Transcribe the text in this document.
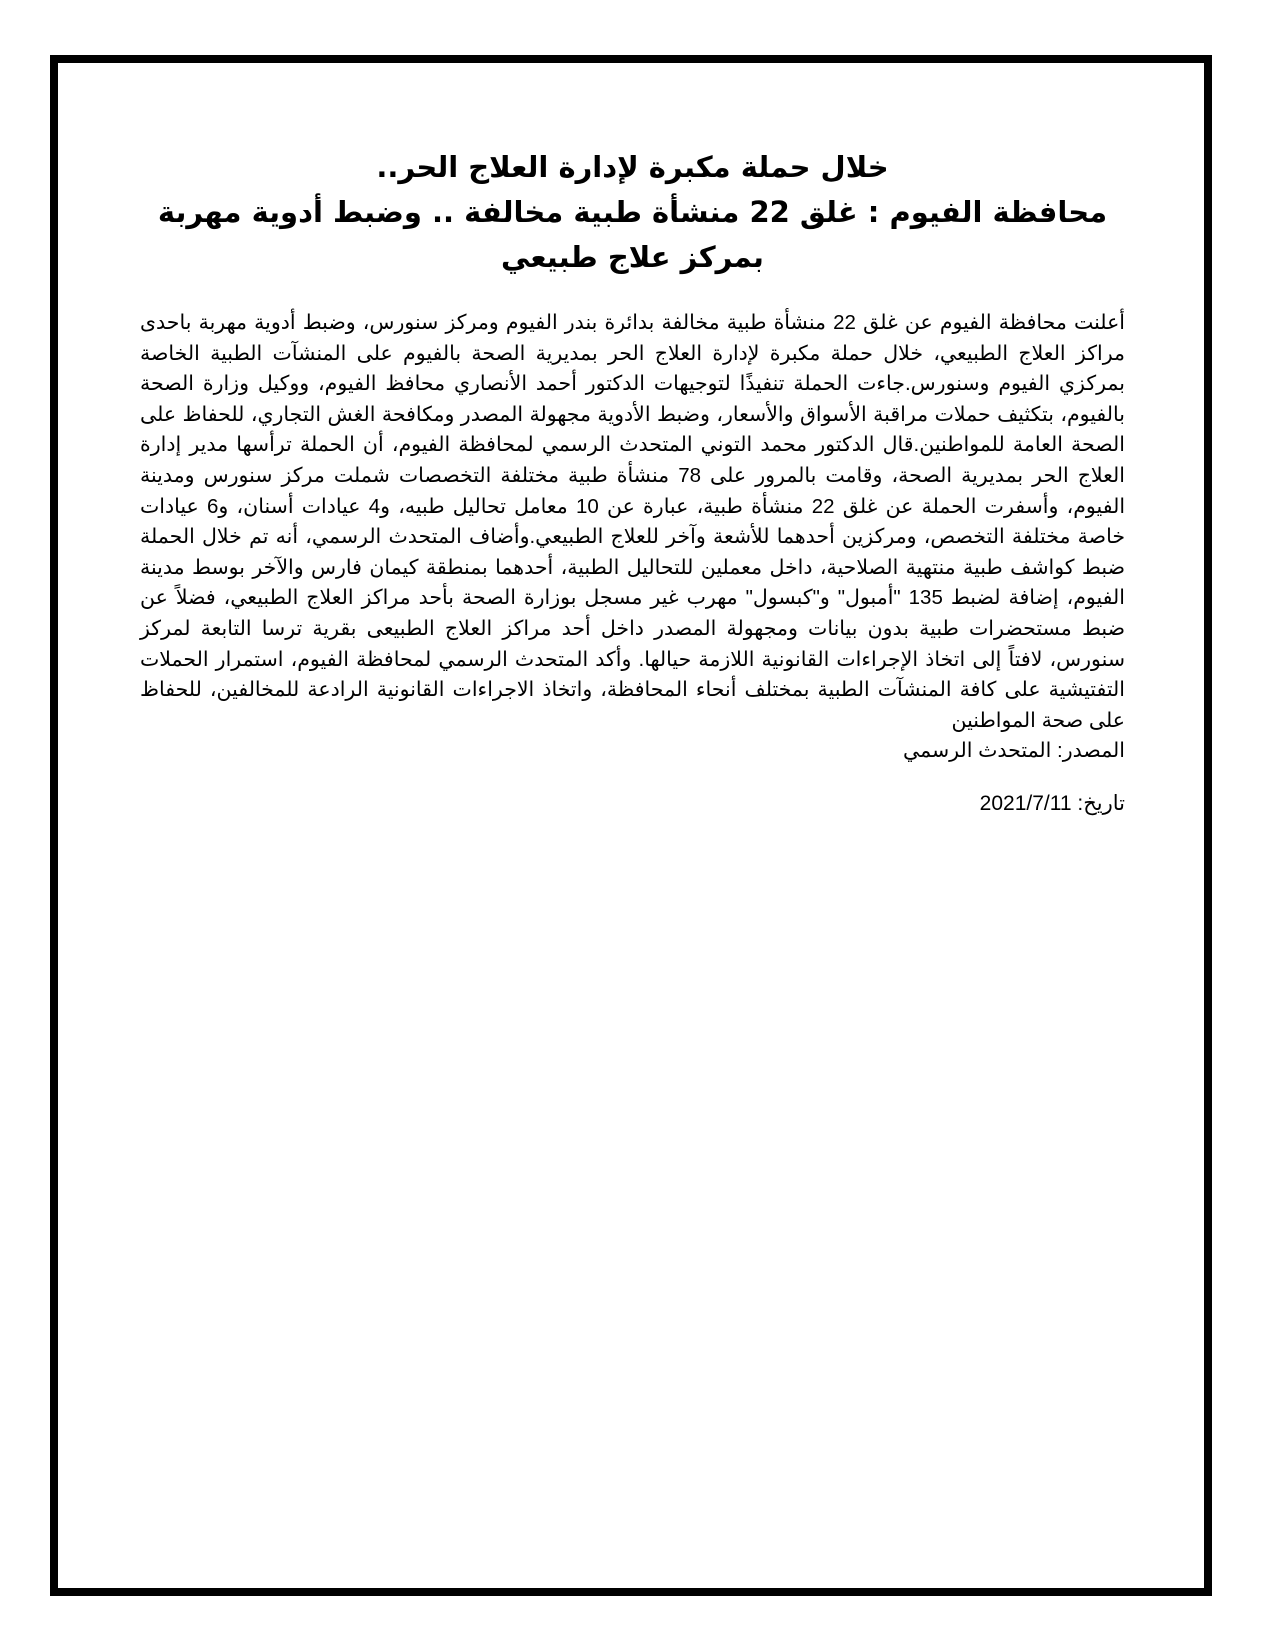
خلال حملة مكبرة لإدارة العلاج الحر..
محافظة الفيوم : غلق 22 منشأة طبية مخالفة .. وضبط أدوية مهربة بمركز علاج طبيعي

أعلنت محافظة الفيوم عن غلق 22 منشأة طبية مخالفة بدائرة بندر الفيوم ومركز سنورس، وضبط أدوية مهربة باحدى مراكز العلاج الطبيعي، خلال حملة مكبرة لإدارة العلاج الحر بمديرية الصحة بالفيوم على المنشآت الطبية الخاصة بمركزي الفيوم وسنورس.جاءت الحملة تنفيذًا لتوجيهات الدكتور أحمد الأنصاري محافظ الفيوم، ووكيل وزارة الصحة بالفيوم، بتكثيف حملات مراقبة الأسواق والأسعار، وضبط الأدوية مجهولة المصدر ومكافحة الغش التجاري، للحفاظ على الصحة العامة للمواطنين.قال الدكتور محمد التوني المتحدث الرسمي لمحافظة الفيوم، أن الحملة ترأسها مدير إدارة العلاج الحر بمديرية الصحة، وقامت بالمرور على 78 منشأة طبية مختلفة التخصصات شملت مركز سنورس ومدينة الفيوم، وأسفرت الحملة عن غلق 22 منشأة طبية، عبارة عن 10 معامل تحاليل طبيه، و4 عيادات أسنان، و6 عيادات خاصة مختلفة التخصص، ومركزين أحدهما للأشعة وآخر للعلاج الطبيعي.وأضاف المتحدث الرسمي، أنه تم خلال الحملة ضبط كواشف طبية منتهية الصلاحية، داخل معملين للتحاليل الطبية، أحدهما بمنطقة كيمان فارس والآخر بوسط مدينة الفيوم، إضافة لضبط 135 "أمبول" و"كبسول" مهرب غير مسجل بوزارة الصحة بأحد مراكز العلاج الطبيعي، فضلاً عن ضبط مستحضرات طبية بدون بيانات ومجهولة المصدر داخل أحد مراكز العلاج الطبيعى بقرية ترسا التابعة لمركز سنورس، لافتاً إلى اتخاذ الإجراءات القانونية اللازمة حيالها. وأكد المتحدث الرسمي لمحافظة الفيوم، استمرار الحملات التفتيشية على كافة المنشآت الطبية بمختلف أنحاء المحافظة، واتخاذ الاجراءات القانونية الرادعة للمخالفين، للحفاظ على صحة المواطنين

المصدر: المتحدث الرسمي

تاريخ: 2021/7/11
